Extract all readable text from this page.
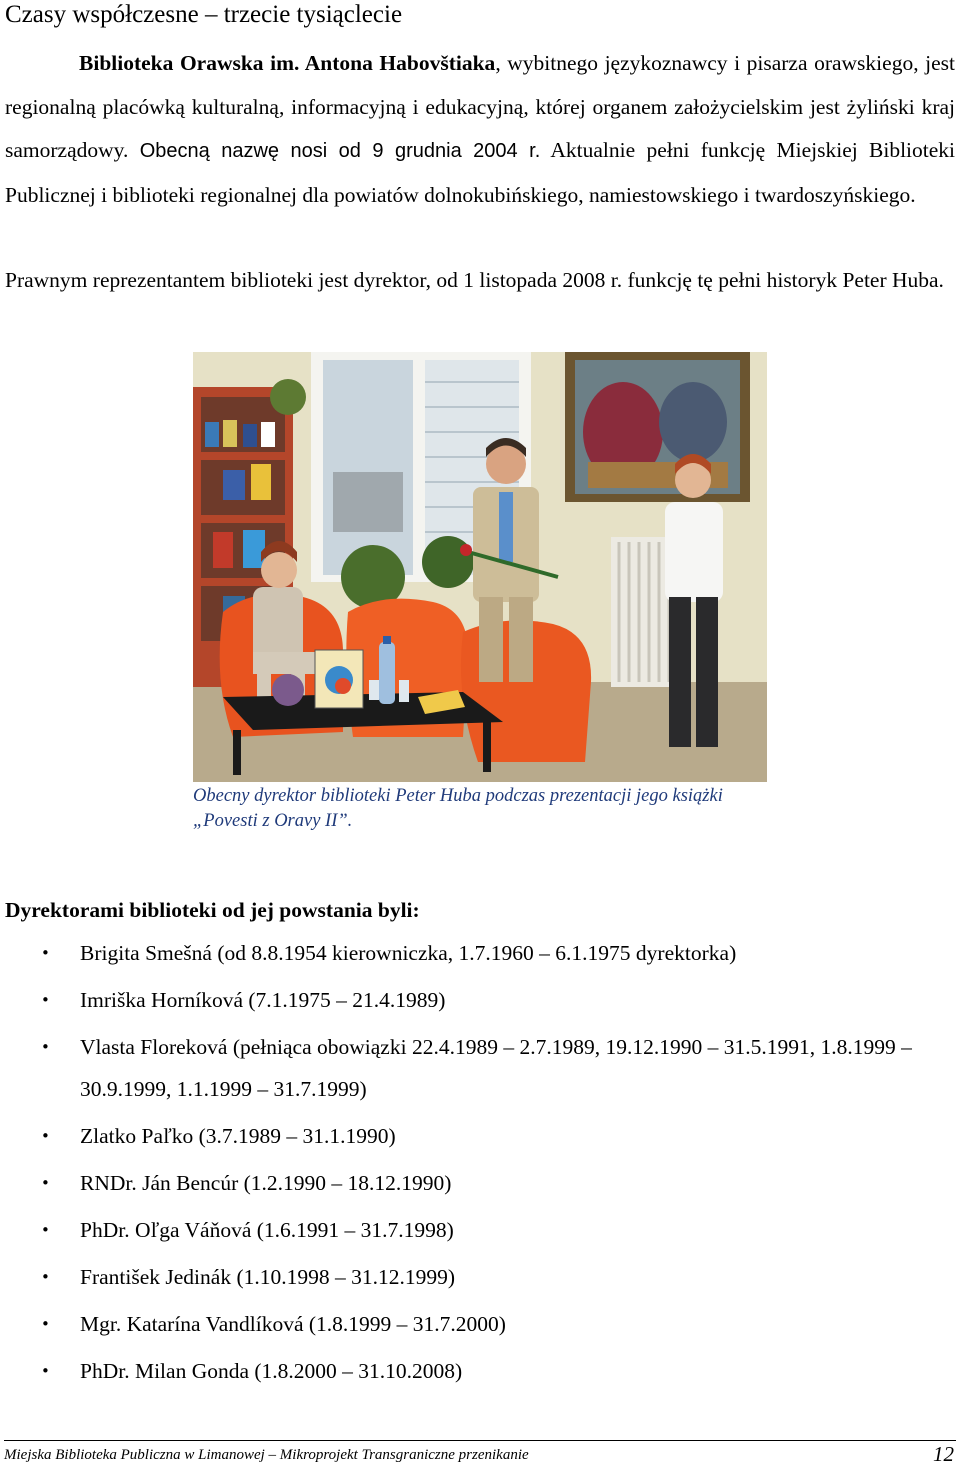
Czasy współczesne – trzecie tysiąclecie

Biblioteka Orawska im. Antona Habovštiaka, wybitnego językoznawcy i pisarza orawskiego, jest regionalną placówką kulturalną, informacyjną i edukacyjną, której organem założycielskim jest żyliński kraj samorządowy. Obecną nazwę nosi od 9 grudnia 2004 r. Aktualnie pełni funkcję Miejskiej Biblioteki Publicznej i biblioteki regionalnej dla powiatów dolnokubińskiego, namiestowskiego i twardoszyńskiego.

Prawnym reprezentantem biblioteki jest dyrektor, od 1 listopada 2008 r. funkcję tę pełni historyk Peter Huba.

Obecny dyrektor biblioteki Peter Huba podczas prezentacji jego książki „Povesti z Oravy II”.

Dyrektorami biblioteki od jej powstania byli:
• Brigita Smešná (od 8.8.1954 kierowniczka, 1.7.1960 – 6.1.1975 dyrektorka)
• Imriška Horníková (7.1.1975 – 21.4.1989)
• Vlasta Floreková (pełniąca obowiązki 22.4.1989 – 2.7.1989, 19.12.1990 – 31.5.1991, 1.8.1999 – 30.9.1999, 1.1.1999 – 31.7.1999)
• Zlatko Paľko (3.7.1989 – 31.1.1990)
• RNDr. Ján Bencúr (1.2.1990 – 18.12.1990)
• PhDr. Oľga Váňová (1.6.1991 – 31.7.1998)
• František Jedinák (1.10.1998 – 31.12.1999)
• Mgr. Katarína Vandlíková (1.8.1999 – 31.7.2000)
• PhDr. Milan Gonda (1.8.2000 – 31.10.2008)
Miejska Biblioteka Publiczna w Limanowej – Mikroprojekt Transgraniczne przenikanie	12
